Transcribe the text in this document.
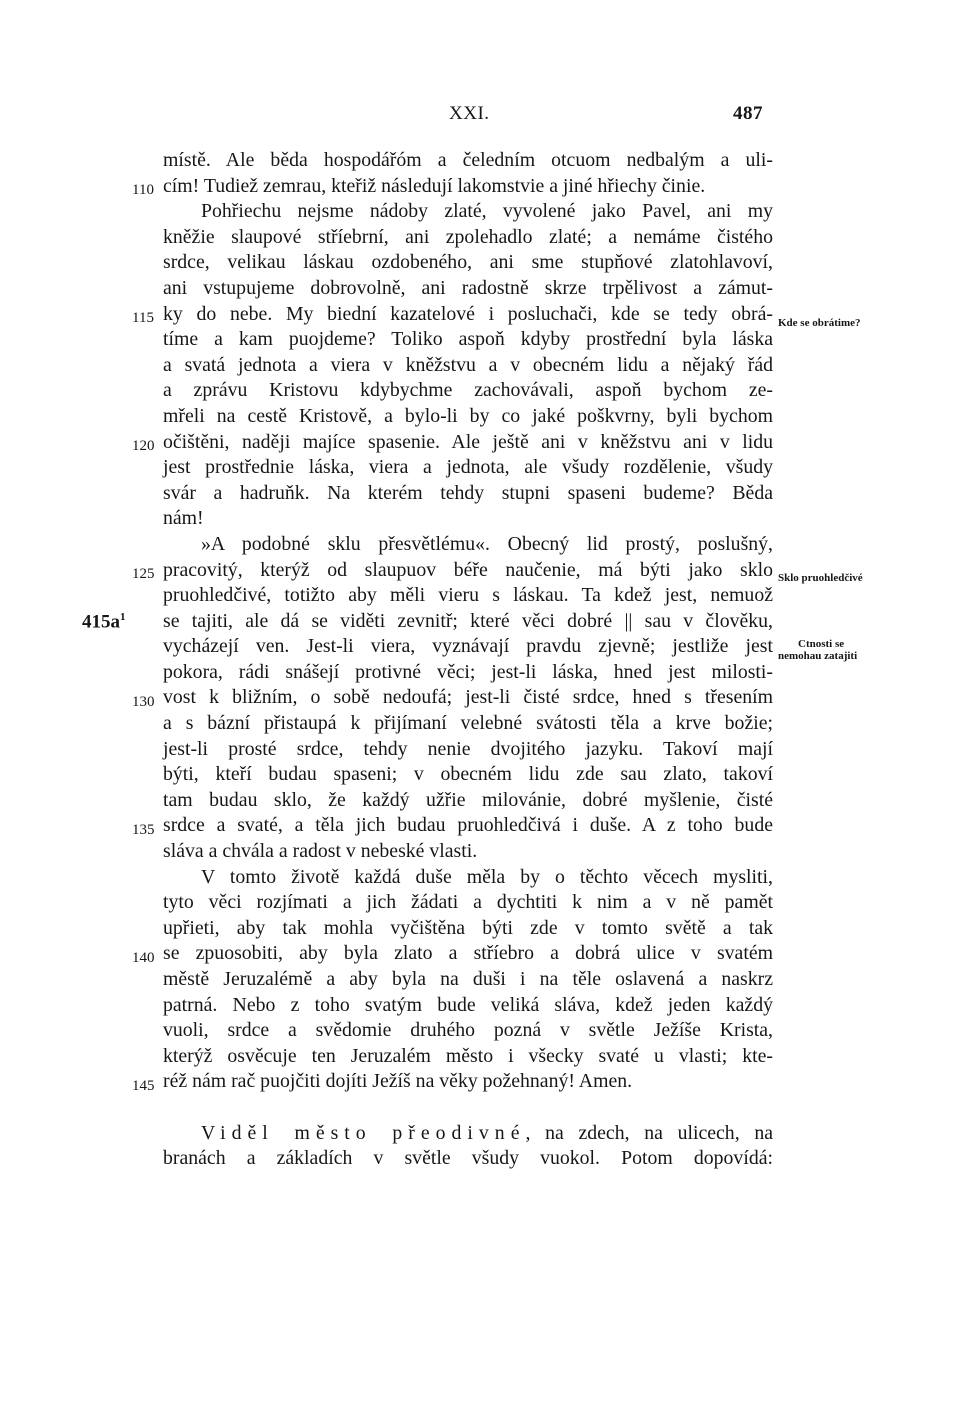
XXI.	487
místě. Ale běda hospodářóm a čeledním otcuom nedbalým a uli-
cím! Tudiež zemrau, kteřiž následují lakomstvie a jiné hřiechy činie.
Pohřiechu nejsme nádoby zlaté, vyvolené jako Pavel, ani my
kněžie slaupové stříebrní, ani zpolehadlo zlaté; a nemáme čistého
srdce, velikau láskau ozdobeného, ani sme stupňové zlatohlavoví,
ani vstupujeme dobrovolně, ani radostně skrze trpělivost a zámut-
ky do nebe. My biední kazatelové i posluchači, kde se tedy obrá-
tíme a kam puojdeme? Toliko aspoň kdyby prostřední byla láska
a svatá jednota a viera v kněžstvu a v obecném lidu a nějaký řád
a zprávu Kristovu kdybychme zachovávali, aspoň bychom ze-
mřeli na cestě Kristově, a bylo-li by co jaké poškvrny, byli bychom
očištěni, naději majíce spasenie. Ale ještě ani v kněžstvu ani v lidu
jest prostřednie láska, viera a jednota, ale všudy rozdělenie, všudy
svár a hadruňk. Na kterém tehdy stupni spaseni budeme? Běda
nám!
»A podobné sklu přesvětlému«. Obecný lid prostý, poslušný,
pracovitý, kterýž od slaupuov béře naučenie, má býti jako sklo
pruohledčivé, totižto aby měli vieru s láskau. Ta kdež jest, nemuož
se tajiti, ale dá se viděti zevnitř; které věci dobré || sau v člověku,
vycházejí ven. Jest-li viera, vyznávají pravdu zjevně; jestliže jest
pokora, rádi snášejí protivné věci; jest-li láska, hned jest milosti-
vost k bližním, o sobě nedoufá; jest-li čisté srdce, hned s třesením
a s bázní přistaupá k přijímaní velebné svátosti těla a krve božie;
jest-li prosté srdce, tehdy nenie dvojitého jazyku. Takoví mají
býti, kteří budau spaseni; v obecném lidu zde sau zlato, takoví
tam budau sklo, že každý užřie milovánie, dobré myšlenie, čisté
srdce a svaté, a těla jich budau pruohledčivá i duše. A z toho bude
sláva a chvála a radost v nebeské vlasti.
V tomto životě každá duše měla by o těchto věcech mysliti,
tyto věci rozjímati a jich žádati a dychtiti k nim a v ně pamět
upřieti, aby tak mohla vyčištěna býti zde v tomto světě a tak
se zpuosobiti, aby byla zlato a stříebro a dobrá ulice v svatém
městě Jeruzalémě a aby byla na duši i na těle oslavená a naskrz
patrná. Nebo z toho svatým bude veliká sláva, kdež jeden každý
vuoli, srdce a svědomie druhého pozná v světle Ježíše Krista,
kterýž osvěcuje ten Jeruzalém město i všecky svaté u vlasti; kte-
réž nám rač puojčiti dojíti Ježíš na věky požehnaný! Amen.
Viděl město přeodivné, na zdech, na ulicech, na
branách a základích v světle všudy vuokol. Potom dopovídá:
110
115
120
125
130
135
140
145
$415a^1$
Kde se obrátime?
Sklo pruohledčivé
Ctnosti se
nemohau zatajiti
